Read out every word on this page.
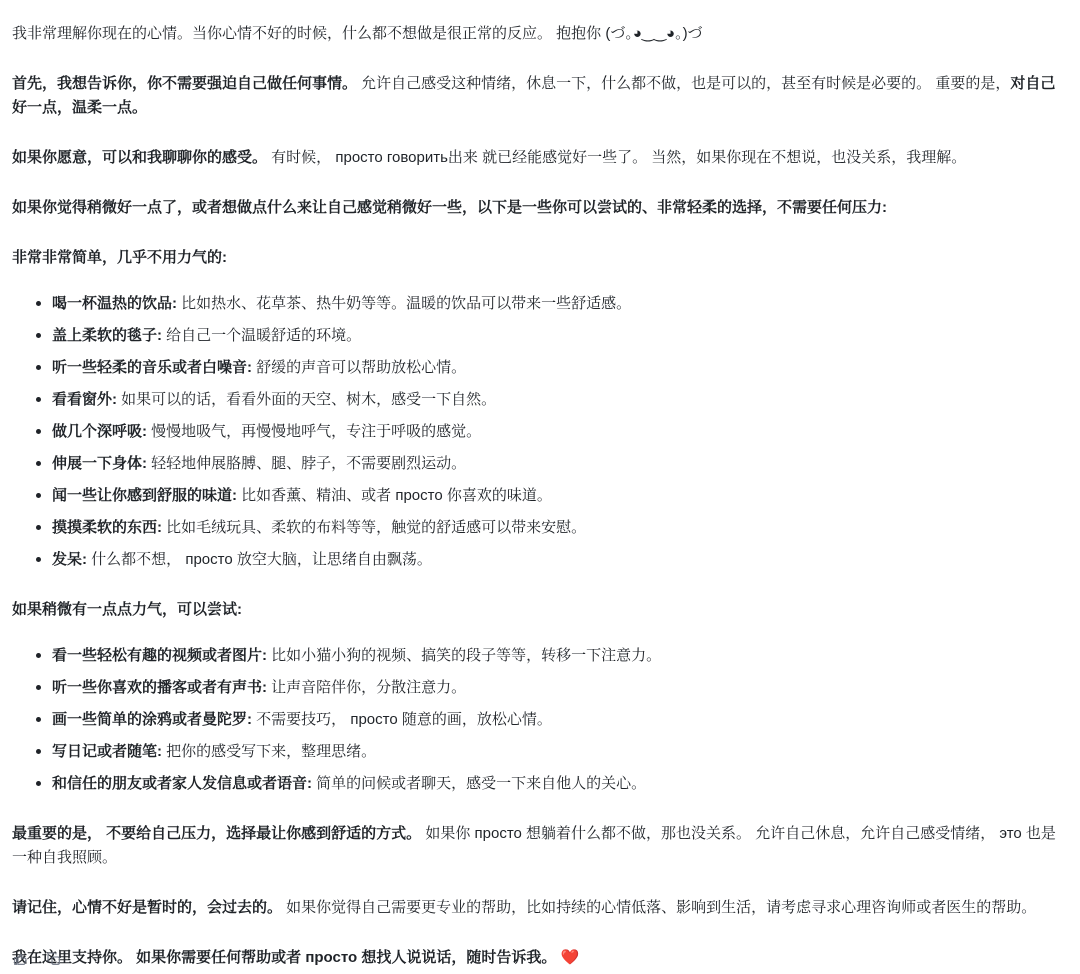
我非常理解你现在的心情。当你心情不好的时候，什么都不想做是很正常的反应。 抱抱你 (づ｡◕‿‿◕｡)づ

首先，我想告诉你，你不需要强迫自己做任何事情。 允许自己感受这种情绪，休息一下，什么都不做，也是可以的，甚至有时候是必要的。 重要的是，对自己好一点，温柔一点。

如果你愿意，可以和我聊聊你的感受。 有时候， просто говорить出来 就已经能感觉好一些了。 当然，如果你现在不想说，也没关系，我理解。

如果你觉得稍微好一点了，或者想做点什么来让自己感觉稍微好一些，以下是一些你可以尝试的、非常轻柔的选择，不需要任何压力:

非常非常简单，几乎不用力气的:
喝一杯温热的饮品: 比如热水、花草茶、热牛奶等等。温暖的饮品可以带来一些舒适感。
盖上柔软的毯子: 给自己一个温暖舒适的环境。
听一些轻柔的音乐或者白噪音: 舒缓的声音可以帮助放松心情。
看看窗外: 如果可以的话，看看外面的天空、树木，感受一下自然。
做几个深呼吸: 慢慢地吸气，再慢慢地呼气，专注于呼吸的感觉。
伸展一下身体: 轻轻地伸展胳膊、腿、脖子，不需要剧烈运动。
闻一些让你感到舒服的味道: 比如香薰、精油、或者 просто 你喜欢的味道。
摸摸柔软的东西: 比如毛绒玩具、柔软的布料等等，触觉的舒适感可以带来安慰。
发呆: 什么都不想， просто 放空大脑，让思绪自由飘荡。
如果稍微有一点点力气，可以尝试:
看一些轻松有趣的视频或者图片: 比如小猫小狗的视频、搞笑的段子等等，转移一下注意力。
听一些你喜欢的播客或者有声书: 让声音陪伴你，分散注意力。
画一些简单的涂鸦或者曼陀罗: 不需要技巧， просто 随意的画，放松心情。
写日记或者随笔: 把你的感受写下来，整理思绪。
和信任的朋友或者家人发信息或者语音: 简单的问候或者聊天，感受一下来自他人的关心。

最重要的是， 不要给自己压力，选择最让你感到舒适的方式。 如果你 просто 想躺着什么都不做，那也没关系。 允许自己休息，允许自己感受情绪， это 也是一种自我照顾。

请记住，心情不好是暂时的，会过去的。 如果你觉得自己需要更专业的帮助，比如持续的心情低落、影响到生活，请考虑寻求心理咨询师或者医生的帮助。

我在这里支持你。 如果你需要任何帮助或者 просто 想找人说说话，随时告诉我。 ❤️
